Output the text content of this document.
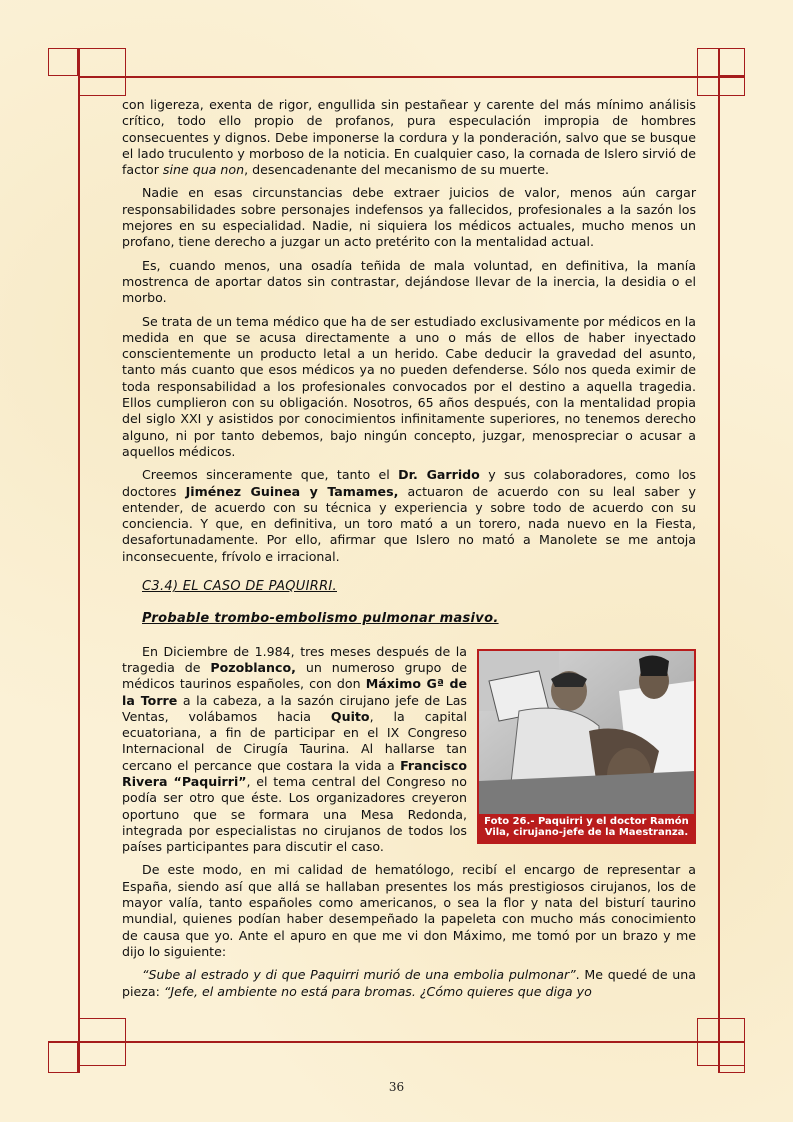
con ligereza, exenta de rigor, engullida sin pestañear y carente del más mínimo análisis crítico, todo ello propio de profanos, pura especulación impropia de hombres consecuentes y dignos. Debe imponerse la cordura y la ponderación, salvo que se busque el lado truculento y morboso de la noticia. En cualquier caso, la cornada de Islero sirvió de factor sine qua non, desencadenante del mecanismo de su muerte.

Nadie en esas circunstancias debe extraer juicios de valor, menos aún cargar responsabilidades sobre personajes indefensos ya fallecidos, profesionales a la sazón los mejores en su especialidad. Nadie, ni siquiera los médicos actuales, mucho menos un profano, tiene derecho a juzgar un acto pretérito con la mentalidad actual.

Es, cuando menos, una osadía teñida de mala voluntad, en definitiva, la manía mostrenca de aportar datos sin contrastar, dejándose llevar de la inercia, la desidia o el morbo.

Se trata de un tema médico que ha de ser estudiado exclusivamente por médicos en la medida en que se acusa directamente a uno o más de ellos de haber inyectado conscientemente un producto letal a un herido. Cabe deducir la gravedad del asunto, tanto más cuanto que esos médicos ya no pueden defenderse. Sólo nos queda eximir de toda responsabilidad a los profesionales convocados por el destino a aquella tragedia. Ellos cumplieron con su obligación. Nosotros, 65 años después, con la mentalidad propia del siglo XXI y asistidos por conocimientos infinitamente superiores, no tenemos derecho alguno, ni por tanto debemos, bajo ningún concepto, juzgar, menospreciar o acusar a aquellos médicos.

Creemos sinceramente que, tanto el Dr. Garrido y sus colaboradores, como los doctores Jiménez Guinea y Tamames, actuaron de acuerdo con su leal saber y entender, de acuerdo con su técnica y experiencia y sobre todo de acuerdo con su conciencia. Y que, en definitiva, un toro mató a un torero, nada nuevo en la Fiesta, desafortunadamente. Por ello, afirmar que Islero no mató a Manolete se me antoja inconsecuente, frívolo e irracional.

C3.4) EL CASO DE PAQUIRRI.
Probable trombo-embolismo pulmonar masivo.
Foto 26.- Paquirri y el doctor Ramón Vila, cirujano-jefe de la Maestranza.

En Diciembre de 1.984, tres meses después de la tragedia de Pozoblanco, un numeroso grupo de médicos taurinos españoles, con don Máximo Gª de la Torre a la cabeza, a la sazón cirujano jefe de Las Ventas, volábamos hacia Quito, la capital ecuatoriana, a fin de participar en el IX Congreso Internacional de Cirugía Taurina. Al hallarse tan cercano el percance que costara la vida a Francisco Rivera “Paquirri”, el tema central del Congreso no podía ser otro que éste. Los organizadores creyeron oportuno que se formara una Mesa Redonda, integrada por especialistas no cirujanos de todos los países participantes para discutir el caso.

De este modo, en mi calidad de hematólogo, recibí el encargo de representar a España, siendo así que allá se hallaban presentes los más prestigiosos cirujanos, los de mayor valía, tanto españoles como americanos, o sea la flor y nata del bisturí taurino mundial, quienes podían haber desempeñado la papeleta con mucho más conocimiento de causa que yo. Ante el apuro en que me vi don Máximo, me tomó por un brazo y me dijo lo siguiente:

“Sube al estrado y di que Paquirri murió de una embolia pulmonar”. Me quedé de una pieza: “Jefe, el ambiente no está para bromas. ¿Cómo quieres que diga yo

36
